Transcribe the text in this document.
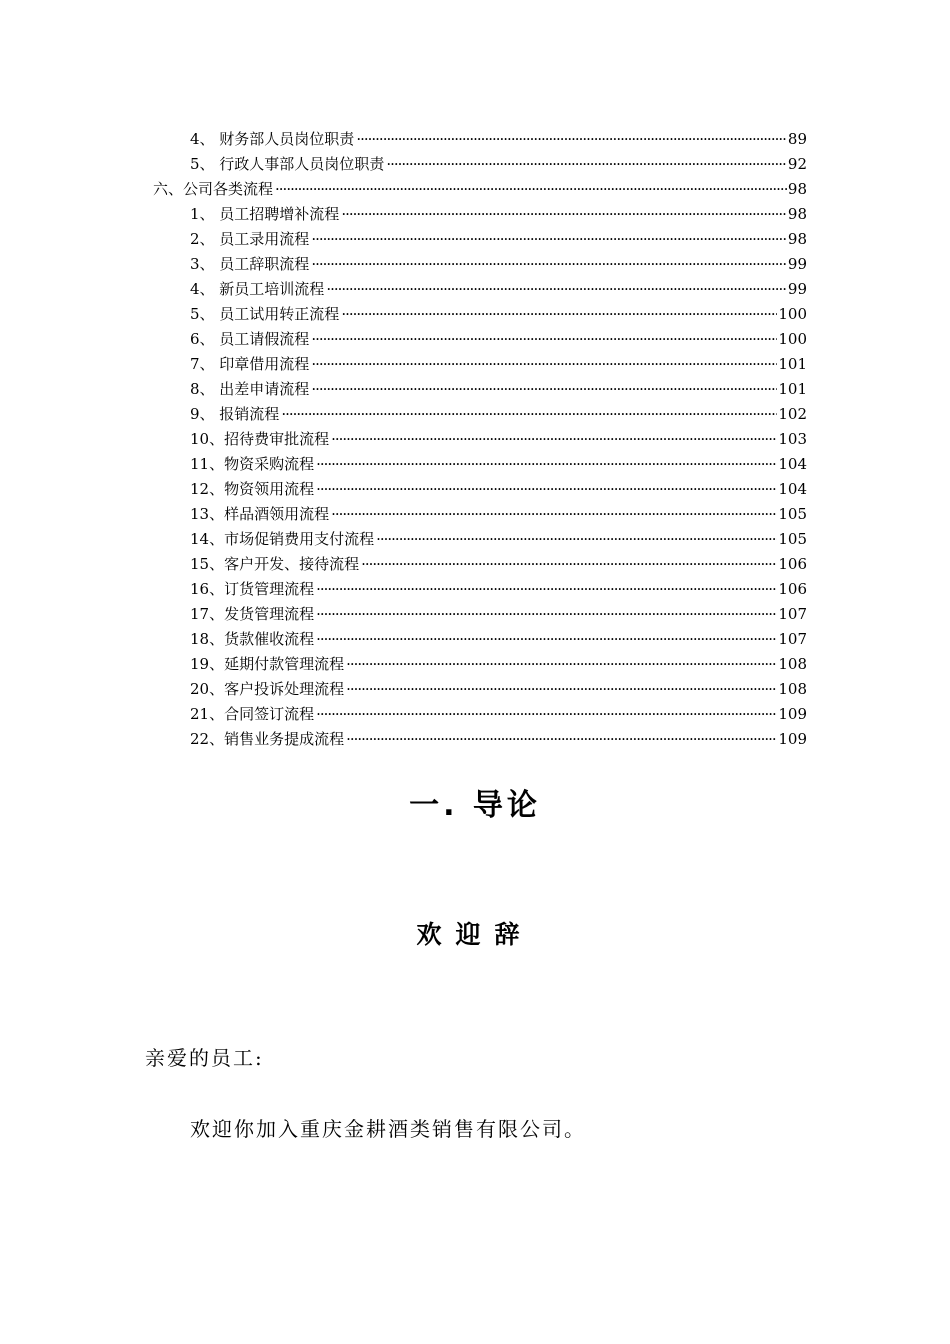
4、 财务部人员岗位职责 ·····	89
5、 行政人事部人员岗位职责 ·····	92
六、公司各类流程 ·····	98
1、 员工招聘增补流程 ·····	98
2、 员工录用流程 ·····	98
3、 员工辞职流程 ·····	99
4、 新员工培训流程 ·····	99
5、 员工试用转正流程 ·····	100
6、 员工请假流程 ·····	100
7、 印章借用流程 ·····	101
8、 出差申请流程 ·····	101
9、 报销流程 ·····	102
10、招待费审批流程 ·····	103
11、物资采购流程 ·····	104
12、物资领用流程 ·····	104
13、样品酒领用流程 ·····	105
14、市场促销费用支付流程 ·····	105
15、客户开发、接待流程 ·····	106
16、订货管理流程 ·····	106
17、发货管理流程 ·····	107
18、货款催收流程 ·····	107
19、延期付款管理流程 ·····	108
20、客户投诉处理流程 ·····	108
21、合同签订流程 ·····	109
22、销售业务提成流程 ·····	109
一. 导论
欢迎辞
亲爱的员工:
欢迎你加入重庆金耕酒类销售有限公司。
